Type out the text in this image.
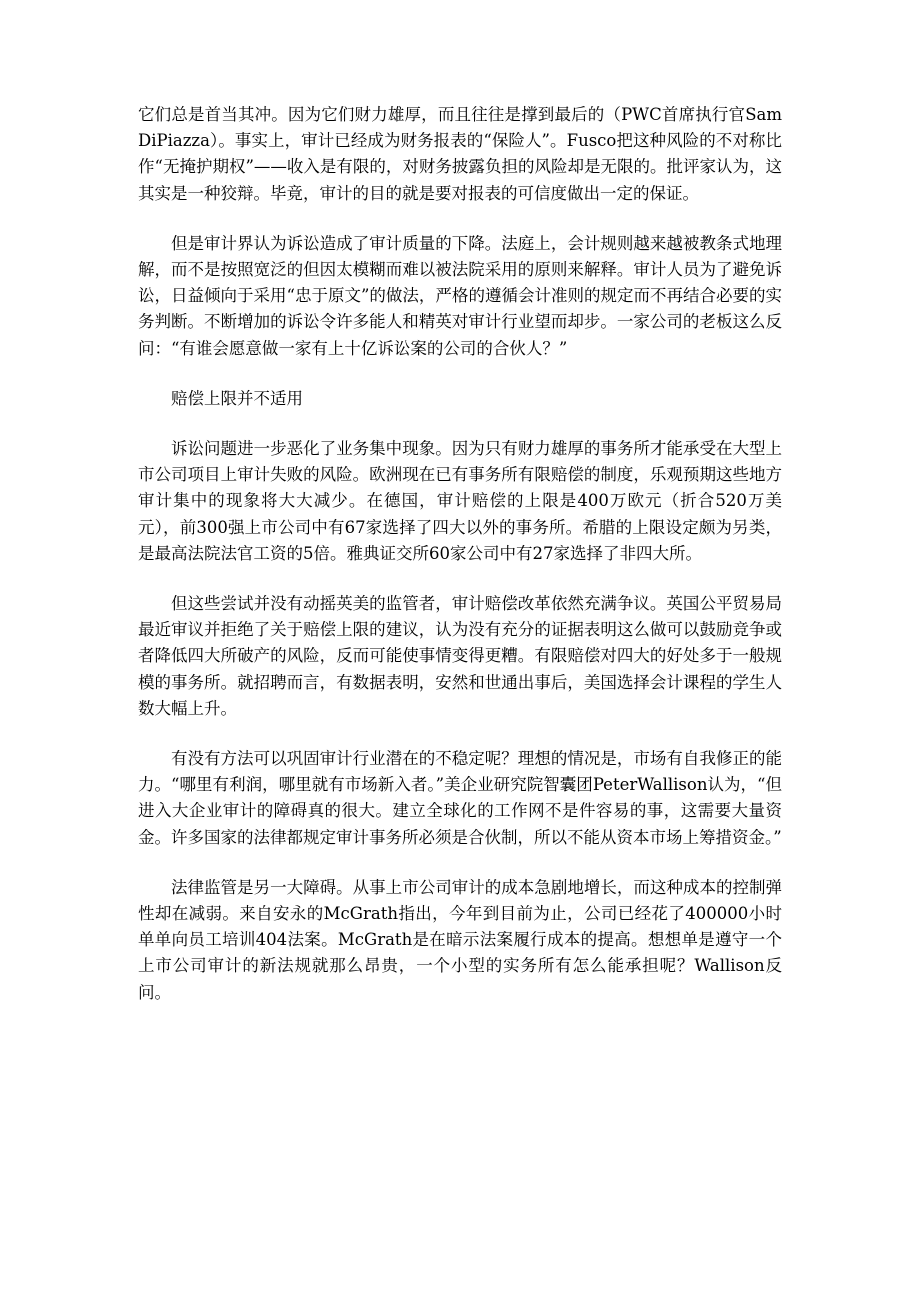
它们总是首当其冲。因为它们财力雄厚，而且往往是撑到最后的（PWC首席执行官SamDiPiazza）。事实上，审计已经成为财务报表的“保险人”。Fusco把这种风险的不对称比作“无掩护期权”——收入是有限的，对财务披露负担的风险却是无限的。批评家认为，这其实是一种狡辩。毕竟，审计的目的就是要对报表的可信度做出一定的保证。

但是审计界认为诉讼造成了审计质量的下降。法庭上，会计规则越来越被教条式地理解，而不是按照宽泛的但因太模糊而难以被法院采用的原则来解释。审计人员为了避免诉讼，日益倾向于采用“忠于原文”的做法，严格的遵循会计准则的规定而不再结合必要的实务判断。不断增加的诉讼令许多能人和精英对审计行业望而却步。一家公司的老板这么反问：“有谁会愿意做一家有上十亿诉讼案的公司的合伙人？”

赔偿上限并不适用

诉讼问题进一步恶化了业务集中现象。因为只有财力雄厚的事务所才能承受在大型上市公司项目上审计失败的风险。欧洲现在已有事务所有限赔偿的制度，乐观预期这些地方审计集中的现象将大大减少。在德国，审计赔偿的上限是400万欧元（折合520万美元），前300强上市公司中有67家选择了四大以外的事务所。希腊的上限设定颇为另类，是最高法院法官工资的5倍。雅典证交所60家公司中有27家选择了非四大所。

但这些尝试并没有动摇英美的监管者，审计赔偿改革依然充满争议。英国公平贸易局最近审议并拒绝了关于赔偿上限的建议，认为没有充分的证据表明这么做可以鼓励竞争或者降低四大所破产的风险，反而可能使事情变得更糟。有限赔偿对四大的好处多于一般规模的事务所。就招聘而言，有数据表明，安然和世通出事后，美国选择会计课程的学生人数大幅上升。

有没有方法可以巩固审计行业潜在的不稳定呢？理想的情况是，市场有自我修正的能力。“哪里有利润，哪里就有市场新入者。”美企业研究院智囊团PeterWallison认为，“但进入大企业审计的障碍真的很大。建立全球化的工作网不是件容易的事，这需要大量资金。许多国家的法律都规定审计事务所必须是合伙制，所以不能从资本市场上筹措资金。”

法律监管是另一大障碍。从事上市公司审计的成本急剧地增长，而这种成本的控制弹性却在减弱。来自安永的McGrath指出，今年到目前为止，公司已经花了400000小时单单向员工培训404法案。McGrath是在暗示法案履行成本的提高。想想单是遵守一个上市公司审计的新法规就那么昂贵，一个小型的实务所有怎么能承担呢？Wallison反问。
